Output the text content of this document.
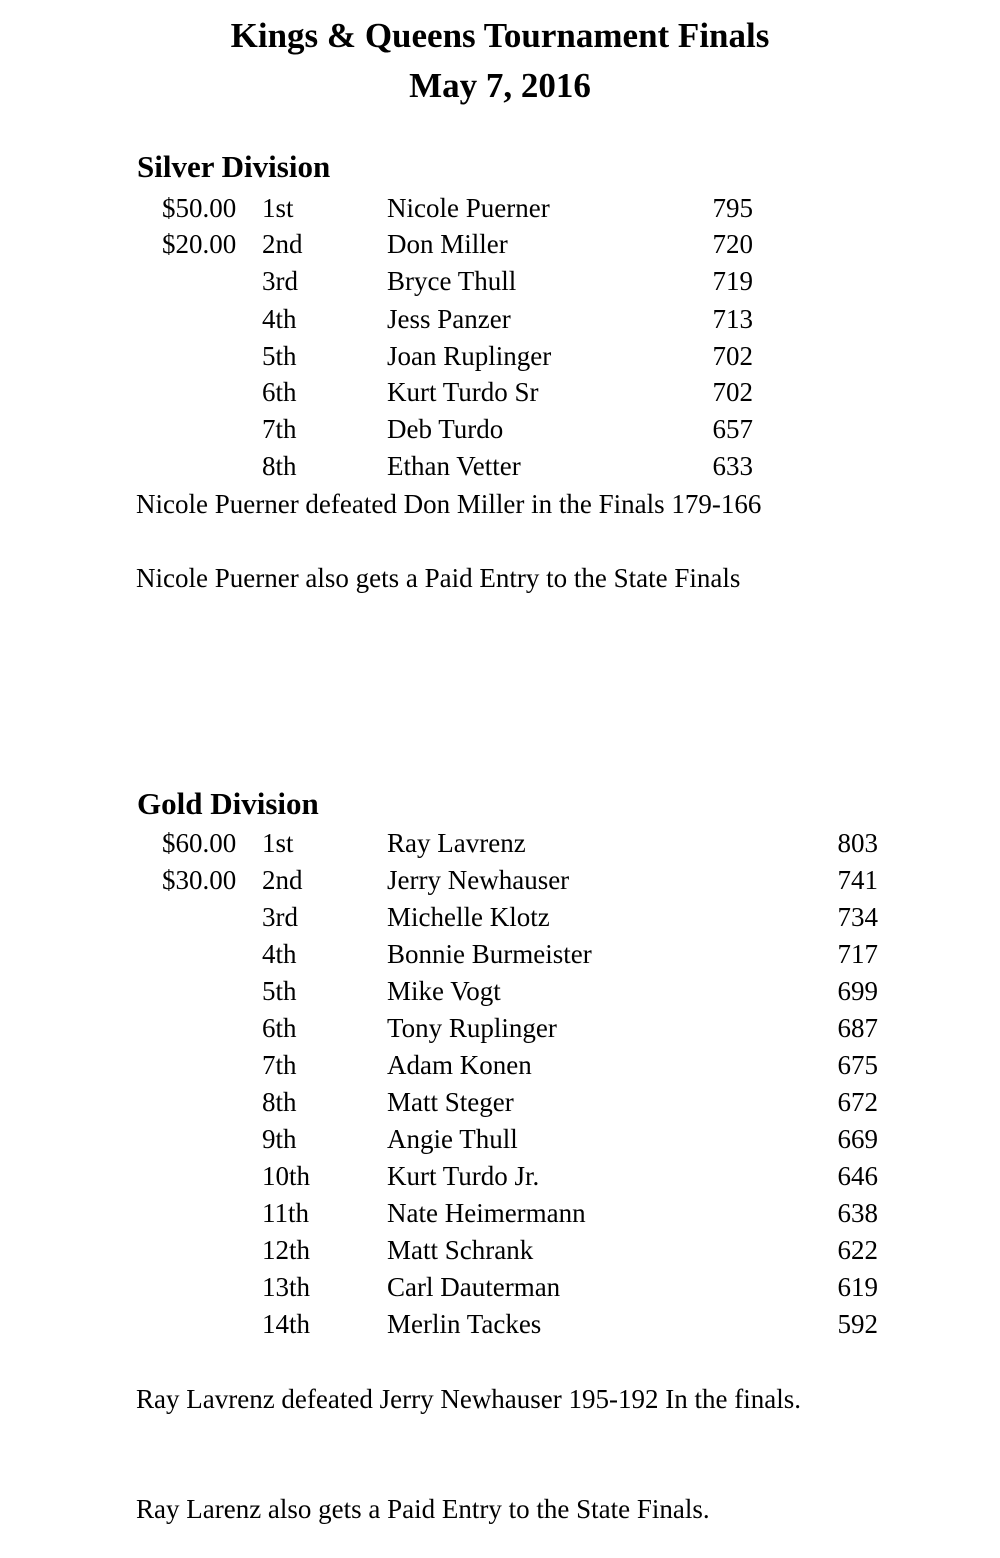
Kings & Queens Tournament Finals
May 7, 2016
Silver Division
$50.00 1st	Nicole Puerner	795
$20.00 2nd	Don Miller	720
3rd	Bryce Thull	719
4th	Jess Panzer	713
5th	Joan Ruplinger	702
6th	Kurt Turdo Sr	702
7th	Deb Turdo	657
8th	Ethan Vetter	633

Nicole Puerner defeated Don Miller in the Finals 179-166

Nicole Puerner also gets a Paid Entry to the State Finals

Gold Division
$60.00 1st	Ray Lavrenz	803
$30.00 2nd	Jerry Newhauser	741
3rd	Michelle Klotz	734
4th	Bonnie Burmeister	717
5th	Mike Vogt	699
6th	Tony Ruplinger	687
7th	Adam Konen	675
8th	Matt Steger	672
9th	Angie Thull	669
10th	Kurt Turdo Jr.	646
11th	Nate Heimermann	638
12th	Matt Schrank	622
13th	Carl Dauterman	619
14th	Merlin Tackes	592

Ray Lavrenz defeated Jerry Newhauser 195-192 In the finals.

Ray Larenz also gets a Paid Entry to the State Finals.
